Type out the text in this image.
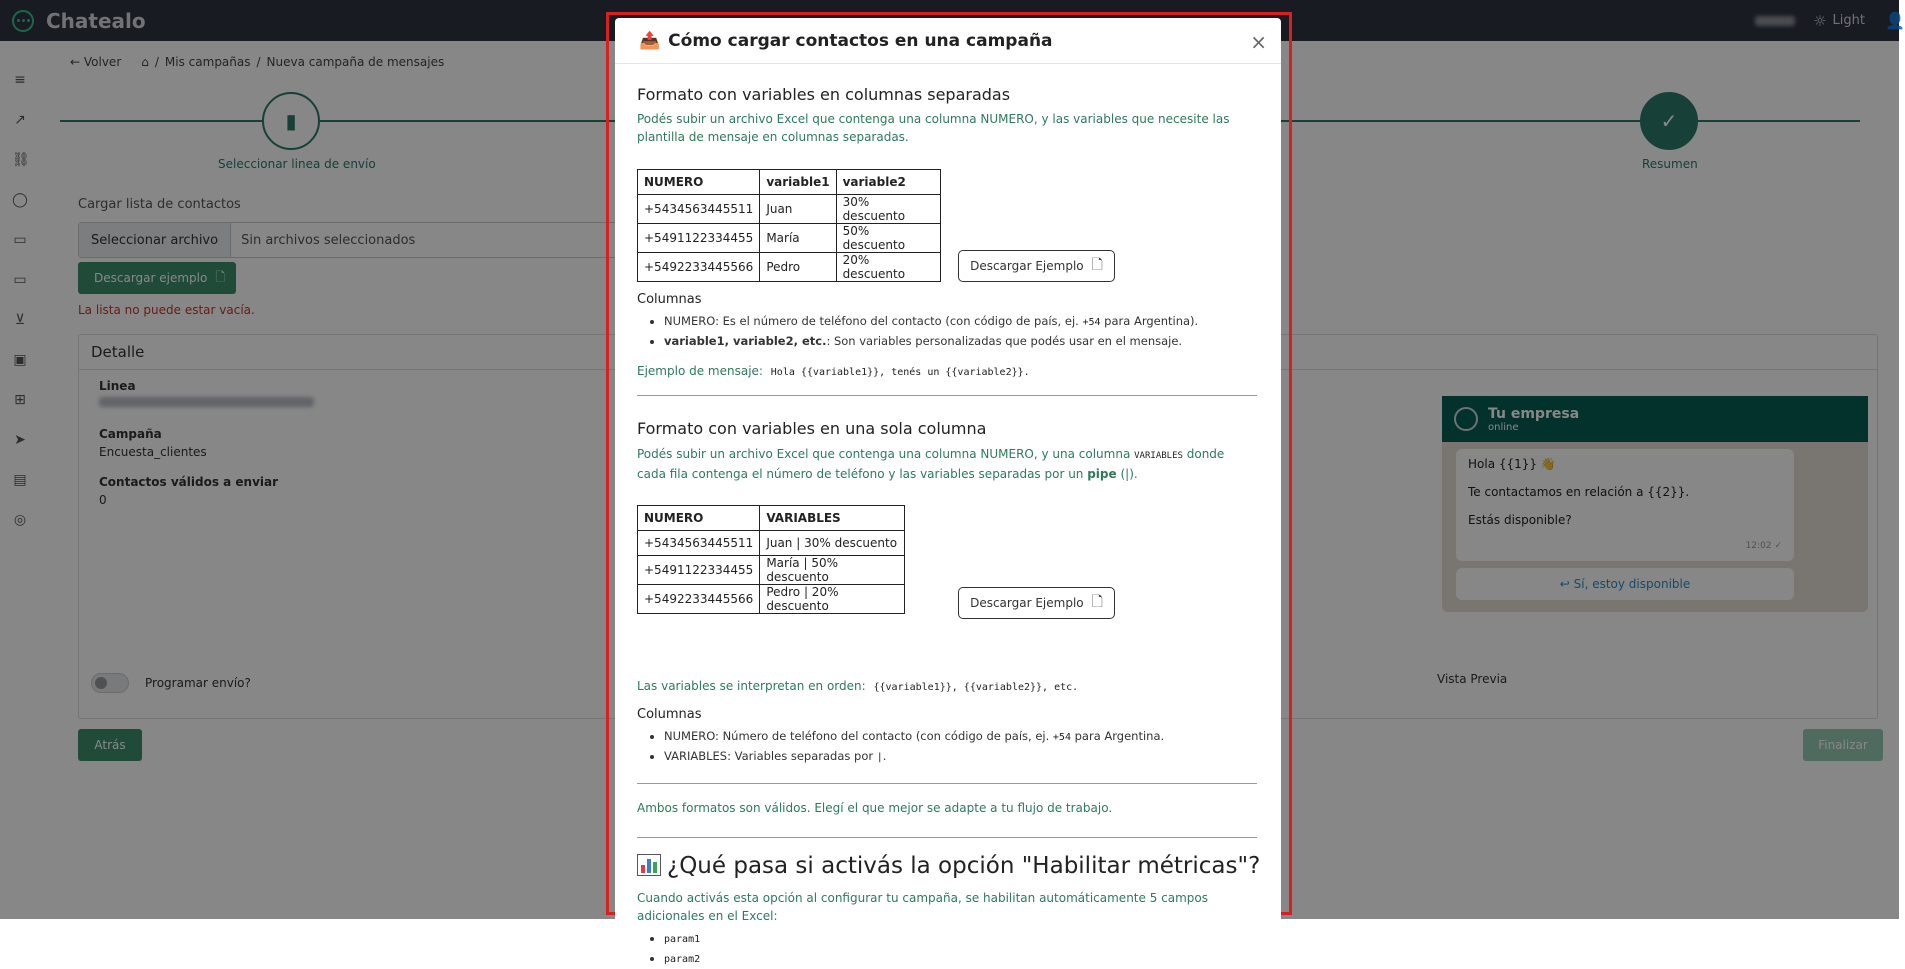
Chatealo	☼ Light 👤
≡
↗
⛓
◯
▭
▭
⊻
▣
⊞
➤
▤
◎
← Volver ⌂ / Mis campañas / Nueva campaña de mensajes
▮
Seleccionar linea de envío
✓
Resumen
Cargar lista de contactos
Seleccionar archivo	Sin archivos seleccionados
Descargar ejemplo 🗋
La lista no puede estar vacía.
Detalle
Linea
Campaña
Encuesta_clientes
Contactos válidos a enviar
0
Vista Previa
Programar envío?
Tu empresa
online

Hola {{1}} 👋

Te contactamos en relación a {{2}}.

Estás disponible?

12:02 ✓
↩ Sí, estoy disponible
Atrás	Finalizar
📤 Cómo cargar contactos en una campaña	×
Formato con variables en columnas separadas
Podés subir un archivo Excel que contenga una columna NUMERO, y las variables que necesite las plantilla de mensaje en columnas separadas.
NUMERO	variable1	variable2
+5434563445511	Juan	30% descuento
+5491122334455	María	50% descuento
+5492233445566	Pedro	20% descuento
Descargar Ejemplo 🗋
Columnas
• NUMERO: Es el número de teléfono del contacto (con código de país, ej. +54 para Argentina).
• variable1, variable2, etc.: Son variables personalizadas que podés usar en el mensaje.
Ejemplo de mensaje: Hola {{variable1}}, tenés un {{variable2}}.
Formato con variables en una sola columna
Podés subir un archivo Excel que contenga una columna NUMERO, y una columna VARIABLES donde cada fila contenga el número de teléfono y las variables separadas por un pipe (|).
NUMERO	VARIABLES
+5434563445511	Juan | 30% descuento
+5491122334455	María | 50% descuento
+5492233445566	Pedro | 20% descuento	Descargar Ejemplo 🗋
Las variables se interpretan en orden: {{variable1}}, {{variable2}}, etc.
Columnas
• NUMERO: Número de teléfono del contacto (con código de país, ej. +54 para Argentina.
• VARIABLES: Variables separadas por |.
Ambos formatos son válidos. Elegí el que mejor se adapte a tu flujo de trabajo.
¿Qué pasa si activás la opción "Habilitar métricas"?
Cuando activás esta opción al configurar tu campaña, se habilitan automáticamente 5 campos adicionales en el Excel:
• param1
• param2
